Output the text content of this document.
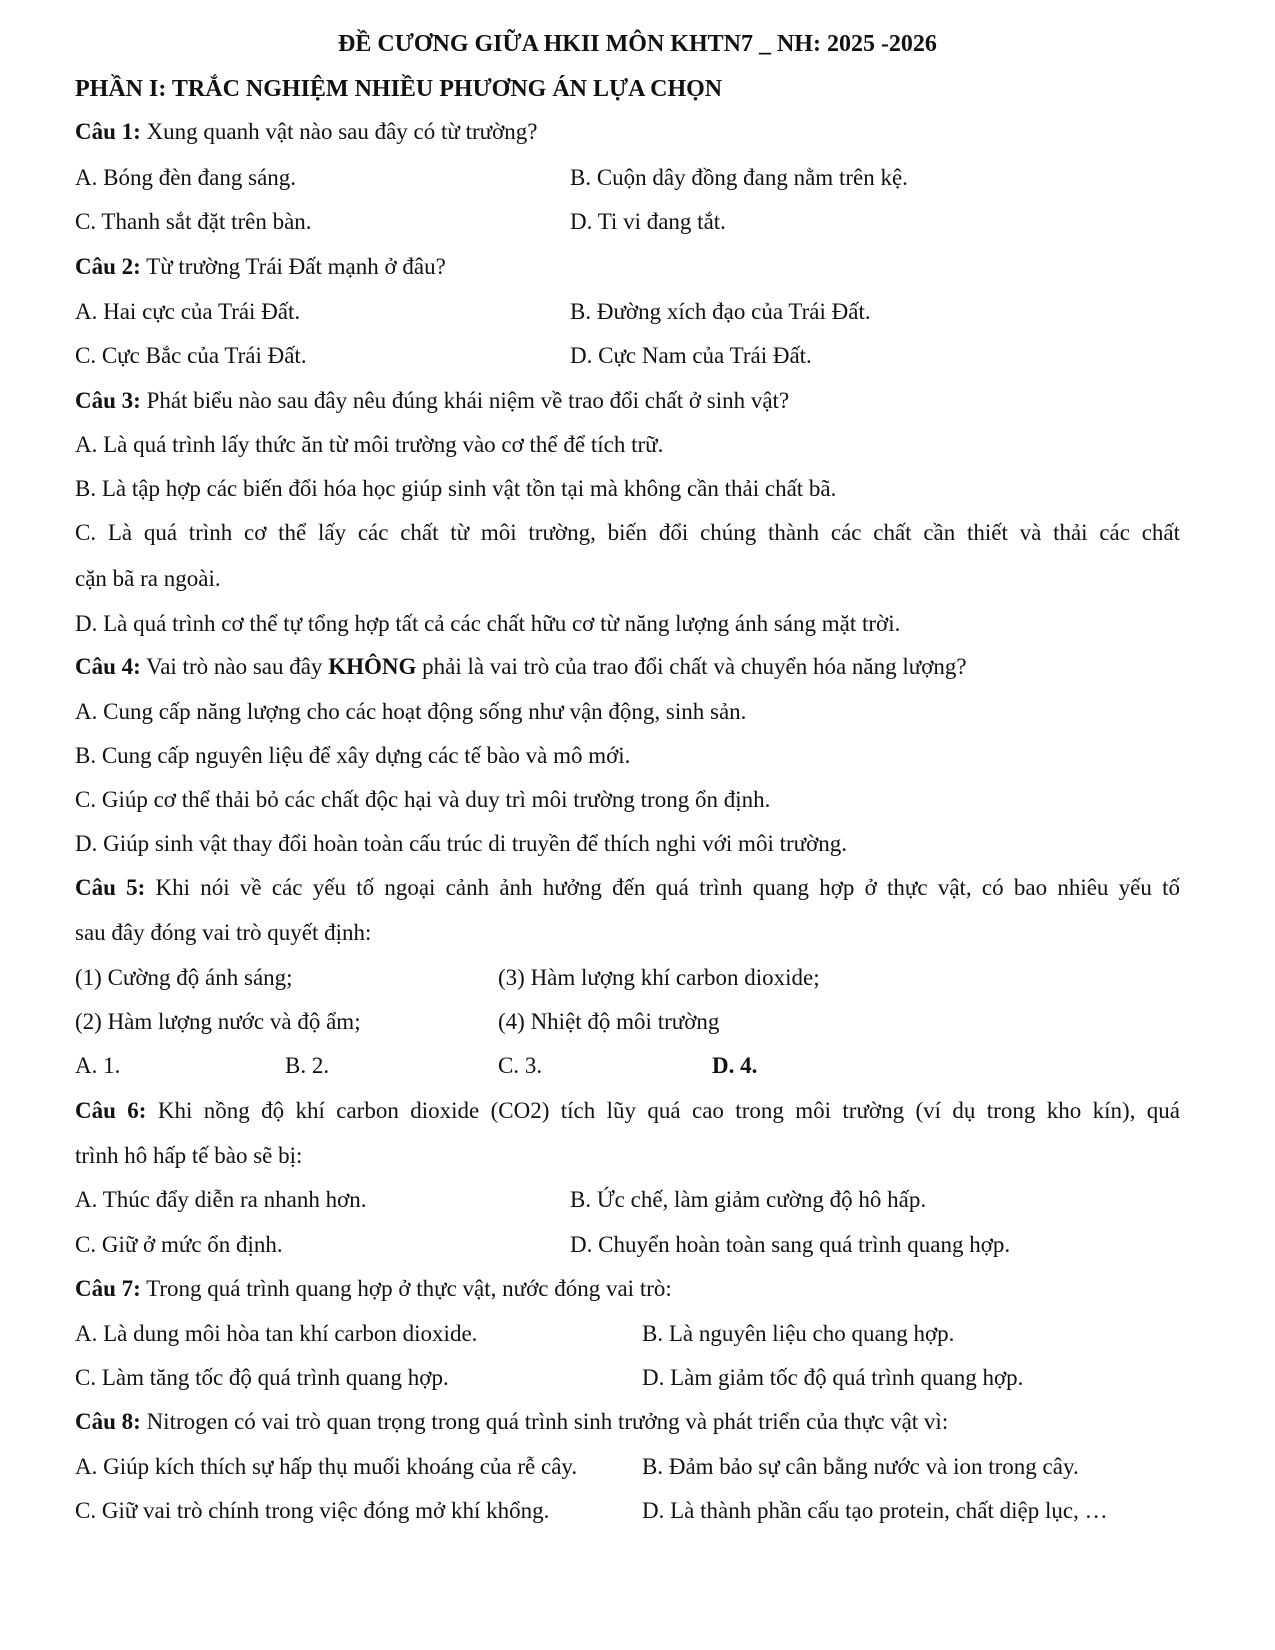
ĐỀ CƯƠNG GIỮA HKII MÔN KHTN7 _ NH: 2025 -2026
PHẦN I: TRẮC NGHIỆM NHIỀU PHƯƠNG ÁN LỰA CHỌN
Câu 1: Xung quanh vật nào sau đây có từ trường?
A. Bóng đèn đang sáng.	B. Cuộn dây đồng đang nằm trên kệ.
C. Thanh sắt đặt trên bàn.	D. Ti vi đang tắt.
Câu 2: Từ trường Trái Đất mạnh ở đâu?
A. Hai cực của Trái Đất.	B. Đường xích đạo của Trái Đất.
C. Cực Bắc của Trái Đất.	D. Cực Nam của Trái Đất.
Câu 3: Phát biểu nào sau đây nêu đúng khái niệm về trao đổi chất ở sinh vật?
A. Là quá trình lấy thức ăn từ môi trường vào cơ thể để tích trữ.
B. Là tập hợp các biến đổi hóa học giúp sinh vật tồn tại mà không cần thải chất bã.
C. Là quá trình cơ thể lấy các chất từ môi trường, biến đổi chúng thành các chất cần thiết và thải các chất
cặn bã ra ngoài.
D. Là quá trình cơ thể tự tổng hợp tất cả các chất hữu cơ từ năng lượng ánh sáng mặt trời.
Câu 4: Vai trò nào sau đây KHÔNG phải là vai trò của trao đổi chất và chuyển hóa năng lượng?
A. Cung cấp năng lượng cho các hoạt động sống như vận động, sinh sản.
B. Cung cấp nguyên liệu để xây dựng các tế bào và mô mới.
C. Giúp cơ thể thải bỏ các chất độc hại và duy trì môi trường trong ổn định.
D. Giúp sinh vật thay đổi hoàn toàn cấu trúc di truyền để thích nghi với môi trường.
Câu 5: Khi nói về các yếu tố ngoại cảnh ảnh hưởng đến quá trình quang hợp ở thực vật, có bao nhiêu yếu tố
sau đây đóng vai trò quyết định:
(1) Cường độ ánh sáng;	(3) Hàm lượng khí carbon dioxide;
(2) Hàm lượng nước và độ ẩm;	(4) Nhiệt độ môi trường
A. 1.	B. 2.	C. 3.	D. 4.
Câu 6: Khi nồng độ khí carbon dioxide (CO2) tích lũy quá cao trong môi trường (ví dụ trong kho kín), quá
trình hô hấp tế bào sẽ bị:
A. Thúc đẩy diễn ra nhanh hơn.	B. Ức chế, làm giảm cường độ hô hấp.
C. Giữ ở mức ổn định.	D. Chuyển hoàn toàn sang quá trình quang hợp.
Câu 7: Trong quá trình quang hợp ở thực vật, nước đóng vai trò:
A. Là dung môi hòa tan khí carbon dioxide.	B. Là nguyên liệu cho quang hợp.
C. Làm tăng tốc độ quá trình quang hợp.	D. Làm giảm tốc độ quá trình quang hợp.
Câu 8: Nitrogen có vai trò quan trọng trong quá trình sinh trưởng và phát triển của thực vật vì:
A. Giúp kích thích sự hấp thụ muối khoáng của rễ cây.	B. Đảm bảo sự cân bằng nước và ion trong cây.
C. Giữ vai trò chính trong việc đóng mở khí khổng.	D. Là thành phần cấu tạo protein, chất diệp lục, …
